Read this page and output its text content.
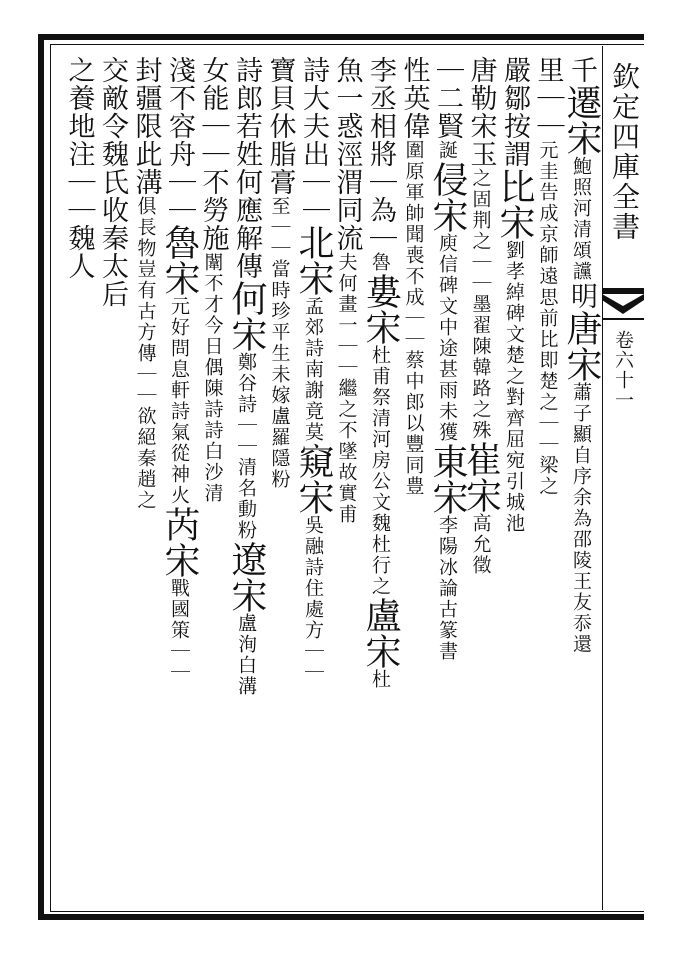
欽定四庫全書
卷六十一
千遷宋鮑照河清頌讜明唐宋蕭子顯自序余為邵陵王友忝還
里｜｜元圭告成京師遠思前比即楚之｜｜梁之
嚴鄒按謂比宋劉孝綽碑文楚之對齊屈宛引城池
唐勒宋玉之固荆之｜｜墨翟陳韓路之殊崔宋高允徵
｜二賢誕侵宋庾信碑文中途甚雨未獲東宋李陽冰論古篆書
性英偉圍原軍帥聞喪不成｜｜蔡中郎以豐同豊
李丞相將｜為｜魯婁宋杜甫祭清河房公文魏杜行之盧宋杜
魚一惑涇渭同流夫何畫一｜｜繼之不墜故實甫
詩大夫出｜｜北宋孟郊詩南謝竟莫窺宋吳融詩住處方｜｜
寶貝休脂膏至｜｜當時珍平生未嫁盧羅隱粉
詩郎若姓何應解傳何宋鄭谷詩｜｜清名動粉遼宋盧洵白溝
女能｜｜不勞施闈不才今日偶陳詩詩白沙清
淺不容舟｜｜魯宋元好問息軒詩氣從神火芮宋戰國策｜｜
封疆限此溝俱長物豈有古方傳｜｜欲絕秦趙之
交敵令魏氏收秦太后
之養地注｜｜魏人
